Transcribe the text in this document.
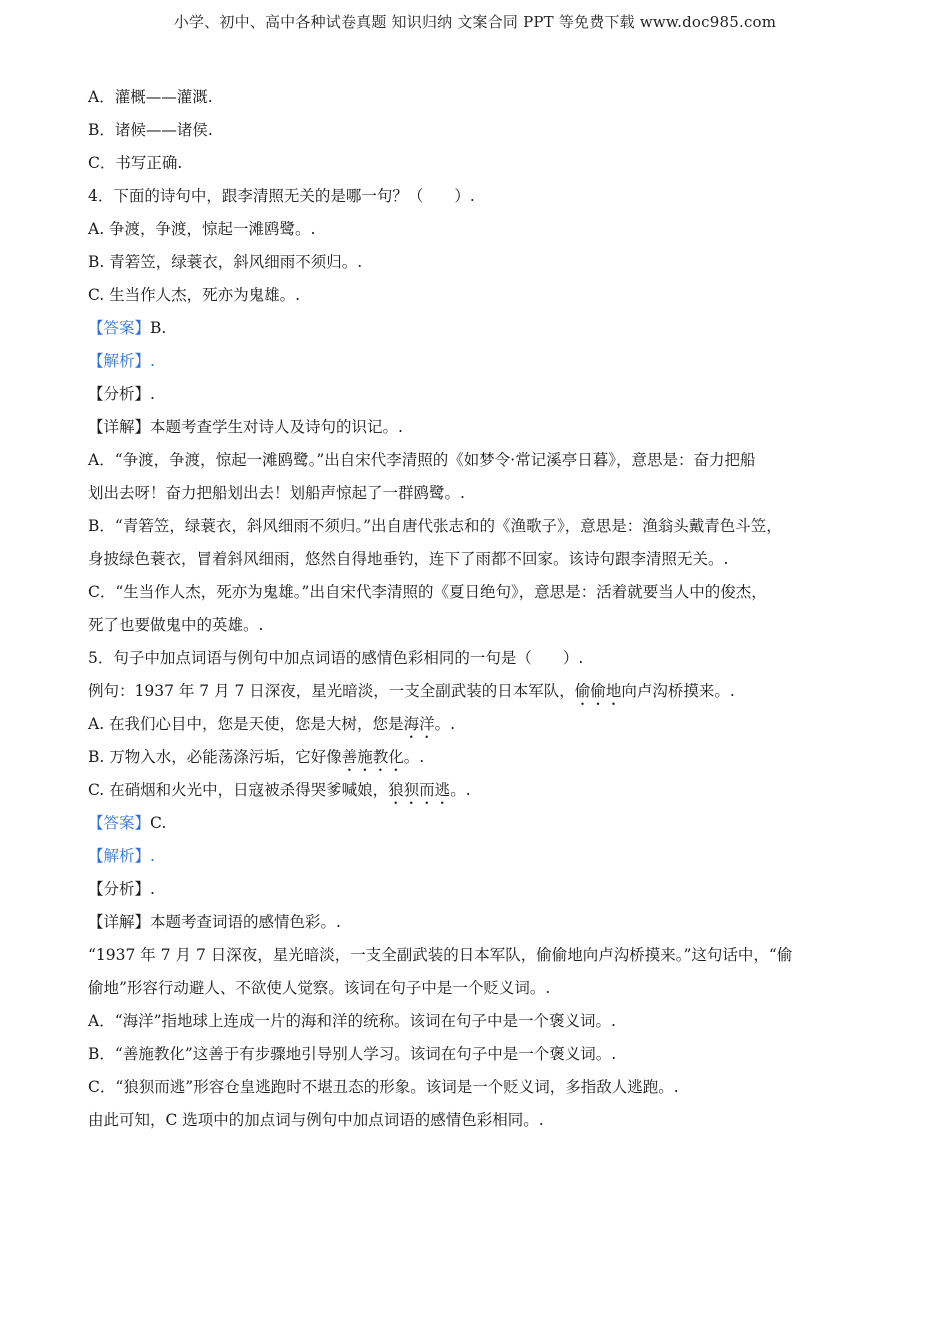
小学、初中、高中各种试卷真题 知识归纳 文案合同 PPT 等免费下载 www.doc985.com
A．灌概——灌溉.
B．诸候——诸侯.
C．书写正确.
4．下面的诗句中，跟李清照无关的是哪一句？（　　）.
A. 争渡，争渡，惊起一滩鸥鹭。.
B. 青箬笠，绿蓑衣，斜风细雨不须归。.
C. 生当作人杰，死亦为鬼雄。.
【答案】B.
【解析】.
【分析】.
【详解】本题考查学生对诗人及诗句的识记。.
A．“争渡，争渡，惊起一滩鸥鹭。”出自宋代李清照的《如梦令·常记溪亭日暮》，意思是：奋力把船
划出去呀！奋力把船划出去！划船声惊起了一群鸥鹭。.
B．“青箬笠，绿蓑衣，斜风细雨不须归。”出自唐代张志和的《渔歌子》，意思是：渔翁头戴青色斗笠，
身披绿色蓑衣，冒着斜风细雨，悠然自得地垂钓，连下了雨都不回家。该诗句跟李清照无关。.
C．“生当作人杰，死亦为鬼雄。”出自宋代李清照的《夏日绝句》，意思是：活着就要当人中的俊杰，
死了也要做鬼中的英雄。.
5．句子中加点词语与例句中加点词语的感情色彩相同的一句是（　　）.
例句：1937 年 7 月 7 日深夜，星光暗淡，一支全副武装的日本军队，偷偷地向卢沟桥摸来。.
A. 在我们心目中，您是天使，您是大树，您是海洋。.
B. 万物入水，必能荡涤污垢，它好像善施教化。.
C. 在硝烟和火光中，日寇被杀得哭爹喊娘，狼狈而逃。.
【答案】C.
【解析】.
【分析】.
【详解】本题考查词语的感情色彩。.
“1937 年 7 月 7 日深夜，星光暗淡，一支全副武装的日本军队，偷偷地向卢沟桥摸来。”这句话中，“偷
偷地”形容行动避人、不欲使人觉察。该词在句子中是一个贬义词。.
A．“海洋”指地球上连成一片的海和洋的统称。该词在句子中是一个褒义词。.
B．“善施教化”这善于有步骤地引导别人学习。该词在句子中是一个褒义词。.
C．“狼狈而逃”形容仓皇逃跑时不堪丑态的形象。该词是一个贬义词，多指敌人逃跑。.
由此可知，C 选项中的加点词与例句中加点词语的感情色彩相同。.
